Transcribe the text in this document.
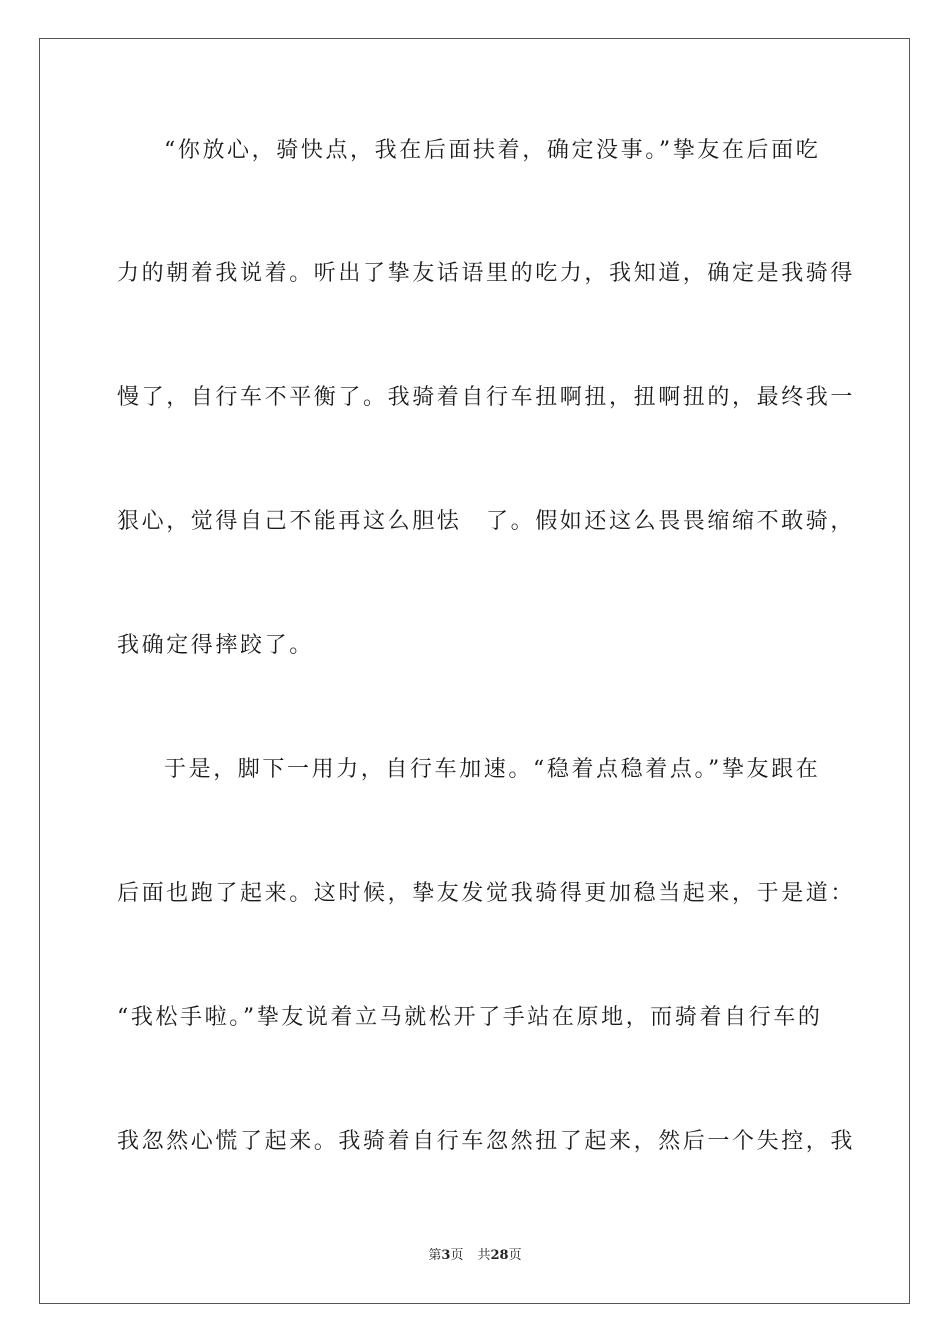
“你放心，骑快点，我在后面扶着，确定没事。”挚友在后面吃
力的朝着我说着。听出了挚友话语里的吃力，我知道，确定是我骑得
慢了，自行车不平衡了。我骑着自行车扭啊扭，扭啊扭的，最终我一
狠心，觉得自己不能再这么胆怯　了。假如还这么畏畏缩缩不敢骑，
我确定得摔跤了。
于是，脚下一用力，自行车加速。“稳着点稳着点。”挚友跟在
后面也跑了起来。这时候，挚友发觉我骑得更加稳当起来，于是道：
“我松手啦。”挚友说着立马就松开了手站在原地，而骑着自行车的
我忽然心慌了起来。我骑着自行车忽然扭了起来，然后一个失控，我
第3页 共28页
